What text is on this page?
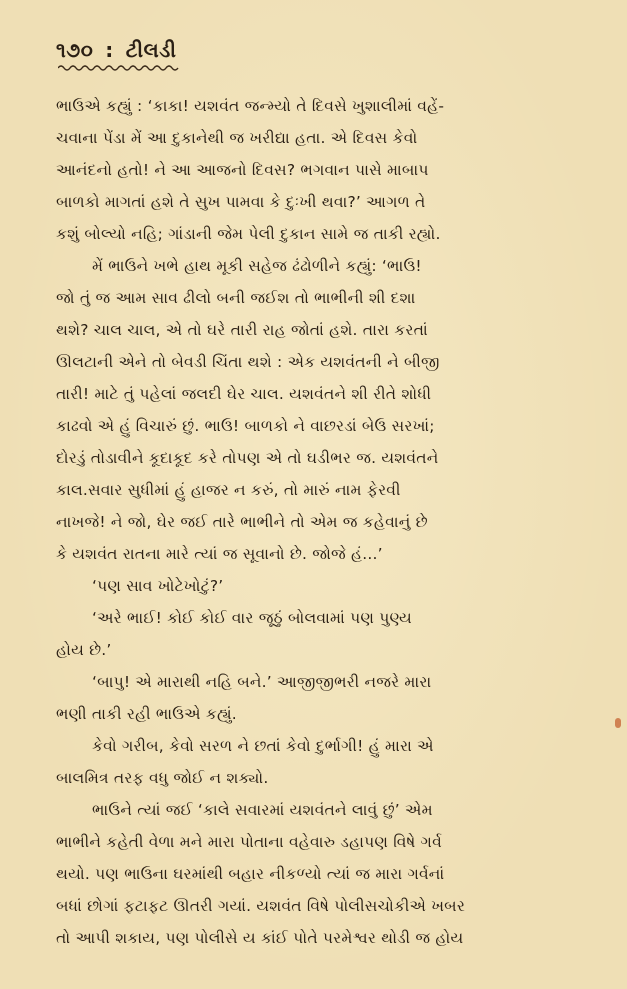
૧૭૦ : ટીલડી
ભાઉએ કહ્યું : ‘કાકા! યશવંત જન્મ્યો તે દિવસે ખુશાલીમાં વહેં-
ચવાના પેંડા મેં આ દુકાનેથી જ ખરીદ્યા હતા. એ દિવસ કેવો
આનંદનો હતો! ને આ આજનો દિવસ? ભગવાન પાસે માબાપ
બાળકો માગતાં હશે તે સુખ પામવા કે દુઃખી થવા?’ આગળ તે
કશું બોલ્યો નહિ; ગાંડાની જેમ પેલી દુકાન સામે જ તાકી રહ્યો.
મેં ભાઉને ખભે હાથ મૂકી સહેજ ઢંઢોળીને કહ્યું: ‘ભાઉ!
જો તું જ આમ સાવ ઢીલો બની જઈશ તો ભાભીની શી દશા
થશે? ચાલ ચાલ, એ તો ઘરે તારી રાહ જોતાં હશે. તારા કરતાં
ઊલટાની એને તો બેવડી ચિંતા થશે : એક યશવંતની ને બીજી
તારી! માટે તું પહેલાં જલદી ઘેર ચાલ. યશવંતને શી રીતે શોધી
કાઢવો એ હું વિચારું છું. ભાઉ! બાળકો ને વાછરડાં બેઉ સરખાં;
દોરડું તોડાવીને કૂદાકૂદ કરે તોપણ એ તો ઘડીભર જ. યશવંતને
કાલ.સવાર સુધીમાં હું હાજર ન કરું, તો મારું નામ ફેરવી
નાખજે! ને જો, ઘેર જઈ તારે ભાભીને તો એમ જ કહેવાનું છે
કે યશવંત રાતના મારે ત્યાં જ સૂવાનો છે. જોજે હં...’
‘પણ સાવ ખોટેખોટું?’
‘અરે ભાઈ! કોઈ કોઈ વાર જૂઠું બોલવામાં પણ પુણ્ય
હોય છે.’
‘બાપુ! એ મારાથી નહિ બને.’ આજીજીભરી નજરે મારા
ભણી તાકી રહી ભાઉએ કહ્યું.
કેવો ગરીબ, કેવો સરળ ને છતાં કેવો દુર્ભાગી! હું મારા એ
બાલમિત્ર તરફ વધુ જોઈ ન શક્યો.
ભાઉને ત્યાં જઈ ‘કાલે સવારમાં યશવંતને લાવું છું’ એમ
ભાભીને કહેતી વેળા મને મારા પોતાના વહેવારુ ડહાપણ વિષે ગર્વ
થયો. પણ ભાઉના ઘરમાંથી બહાર નીકળ્યો ત્યાં જ મારા ગર્વનાં
બધાં છોગાં ફટાફટ ઊતરી ગયાં. યશવંત વિષે પોલીસચોકીએ ખબર
તો આપી શકાય, પણ પોલીસે ય કાંઈ પોતે પરમેશ્વર થોડી જ હોય
